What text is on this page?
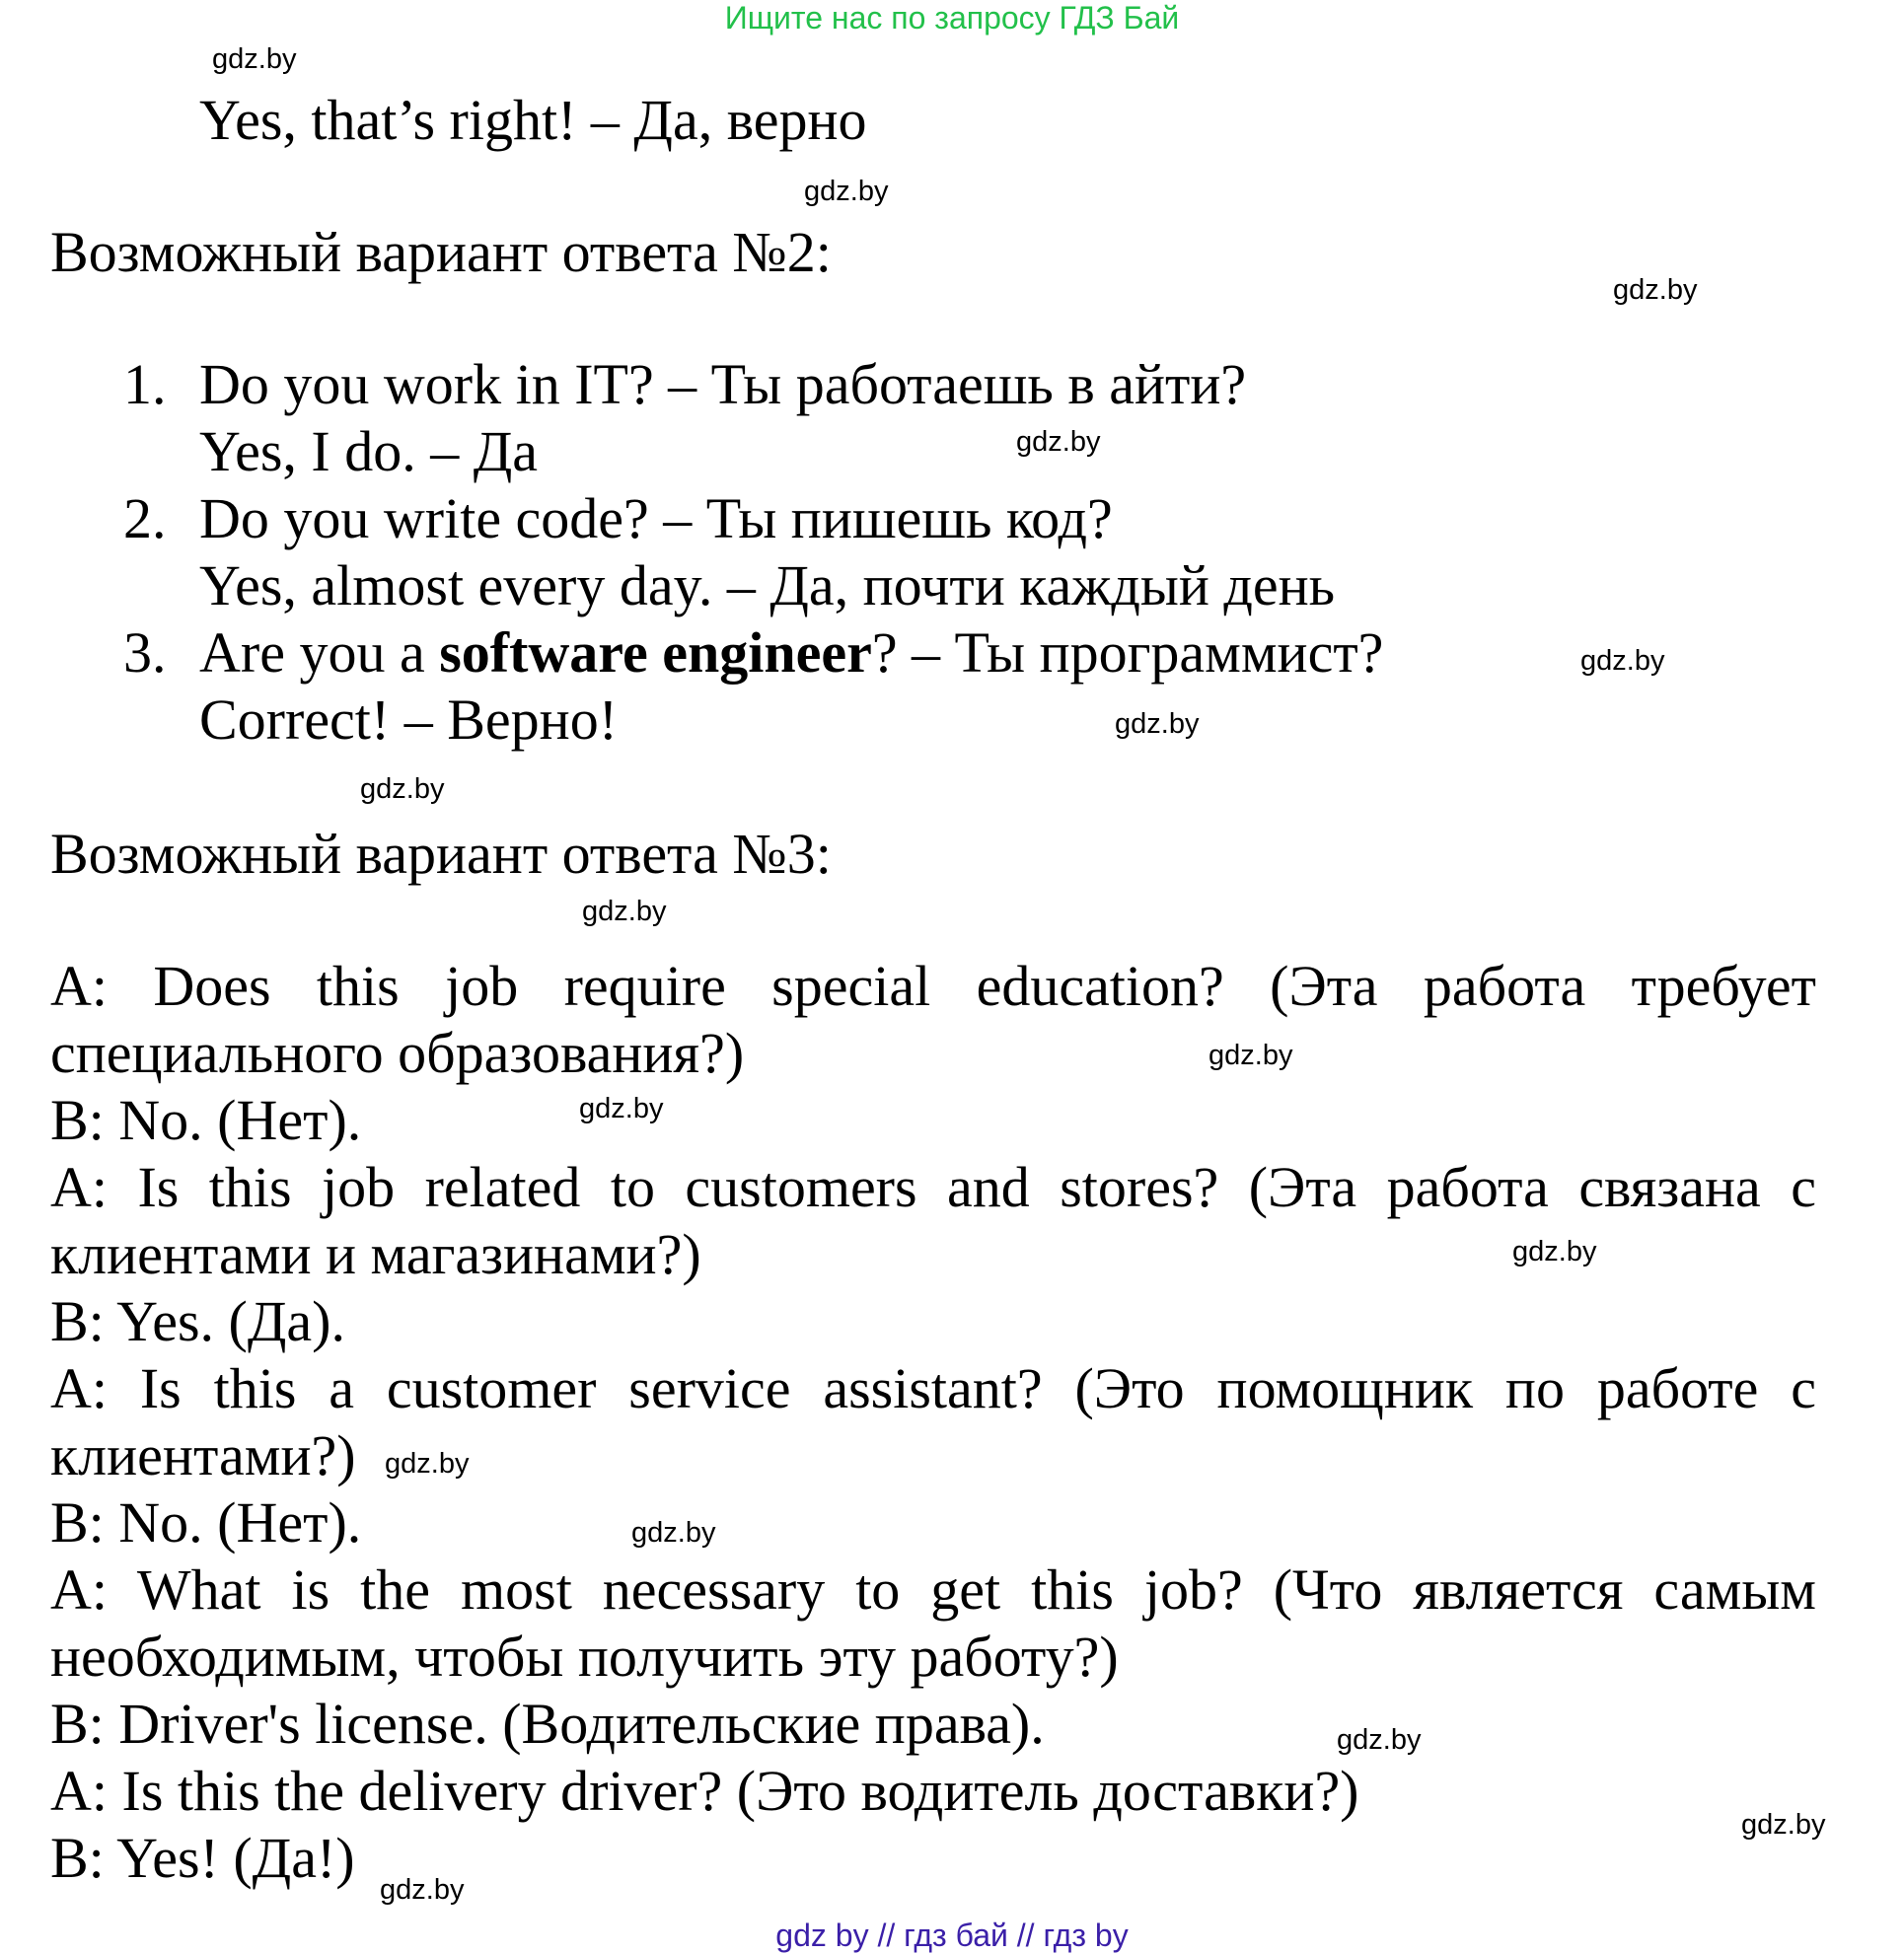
Ищите нас по запросу ГДЗ Бай
gdz.by
gdz.by
gdz.by
gdz.by
gdz.by
gdz.by
gdz.by
gdz.by
gdz.by
gdz.by
gdz.by
gdz.by
gdz.by
gdz.by
gdz.by
gdz.by
Yes, that’s right! – Да, верно
Возможный вариант ответа №2:
1. Do you work in IT? – Ты работаешь в айти?
Yes, I do. – Да
2. Do you write code? – Ты пишешь код?
Yes, almost every day. – Да, почти каждый день
3. Are you a software engineer? – Ты программист?
Correct! – Верно!
Возможный вариант ответа №3:
A: Does this job require special education? (Эта работа требует
специального образования?)
B: No. (Нет).
A: Is this job related to customers and stores? (Эта работа связана с
клиентами и магазинами?)
B: Yes. (Да).
A: Is this a customer service assistant? (Это помощник по работе с
клиентами?)
B: No. (Нет).
A: What is the most necessary to get this job? (Что является самым
необходимым, чтобы получить эту работу?)
B: Driver's license. (Водительские права).
A: Is this the delivery driver? (Это водитель доставки?)
B: Yes! (Да!)
gdz by // гдз бай // гдз by
